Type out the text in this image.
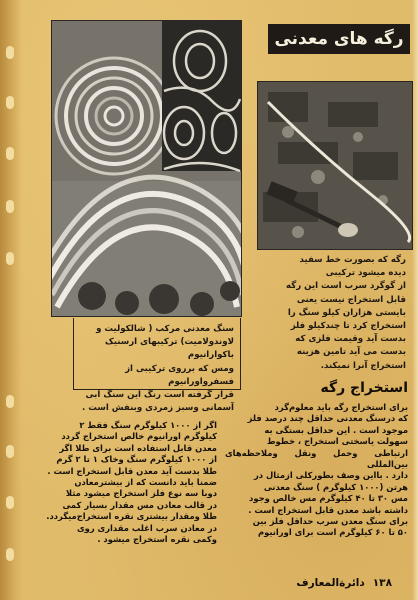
رگه های معدنی

رگه که بصورت خط سفید

دیده میشود ترکیبی

از گوگرد سرب است این رگه

قابل استخراج نیست یعنی

بایستی هزاران کیلو سنگ را

استخراج کرد تا چندکیلو فلز

بدست آید وقیمت فلزی که

بدست می آید تامین هزینه

استخراج آنرا نمیکند.

سنگ معدنی مرکب ( شالکولیت و

لاوندولامیت) ترکیبهای ارسنیک باکوارانیوم

ومس که برروی ترکیبی از فسفرواورانیوم

قرار گرفته است رنگ این سنگ آبی

آسمانی وسبز زمردی وبنفش است .

استخراج رگه

برای استخراج رگه باید معلوم‌گرد

که درسنگ معدنی حداقل چند درصد فلز

موجود است . این حداقل بستگی به

سهولت یاسختی استخراج ، خطوط

ارتباطی وحمل ونقل وملاحظه‌های بین‌المللی

دارد . بااین وصف بطورکلی ازمثال در

هرتن (۱۰۰۰ کیلوگرم ) سنگ معدنی

مس ۳۰ تا ۴۰ کیلوگرم مس خالص وجود

داشته باشد معدن قابل استخراج است .

برای سنگ معدن سرب حداقل فلز بین

۵۰ تا ۶۰ کیلوگرم است برای اورانیوم

اگر از ۱۰۰۰ کیلوگرم سنگ فقط ۲

کیلوگرم اورانیوم خالص استخراج گردد

معدن قابل استفاده است برای طلا اگر

از ۱۰۰۰ کیلوگرم سنگ وخاک ۱ تا ۲ گرم

طلا بدست آید معدن قابل استخراج است .

ضمنا باید دانست که از بیشترمعادن

دوبا سه نوع فلز استخراج میشود مثلا

در قالب معادن مس مقدار بسیار کمی

طلا ومقدار بیشتری نقره استخراج‌میگردد.

در معادن سرب اغلب مقداری روی

وکمی نقره استخراج میشود .

۱۳۸
دائرة‌المعارف
